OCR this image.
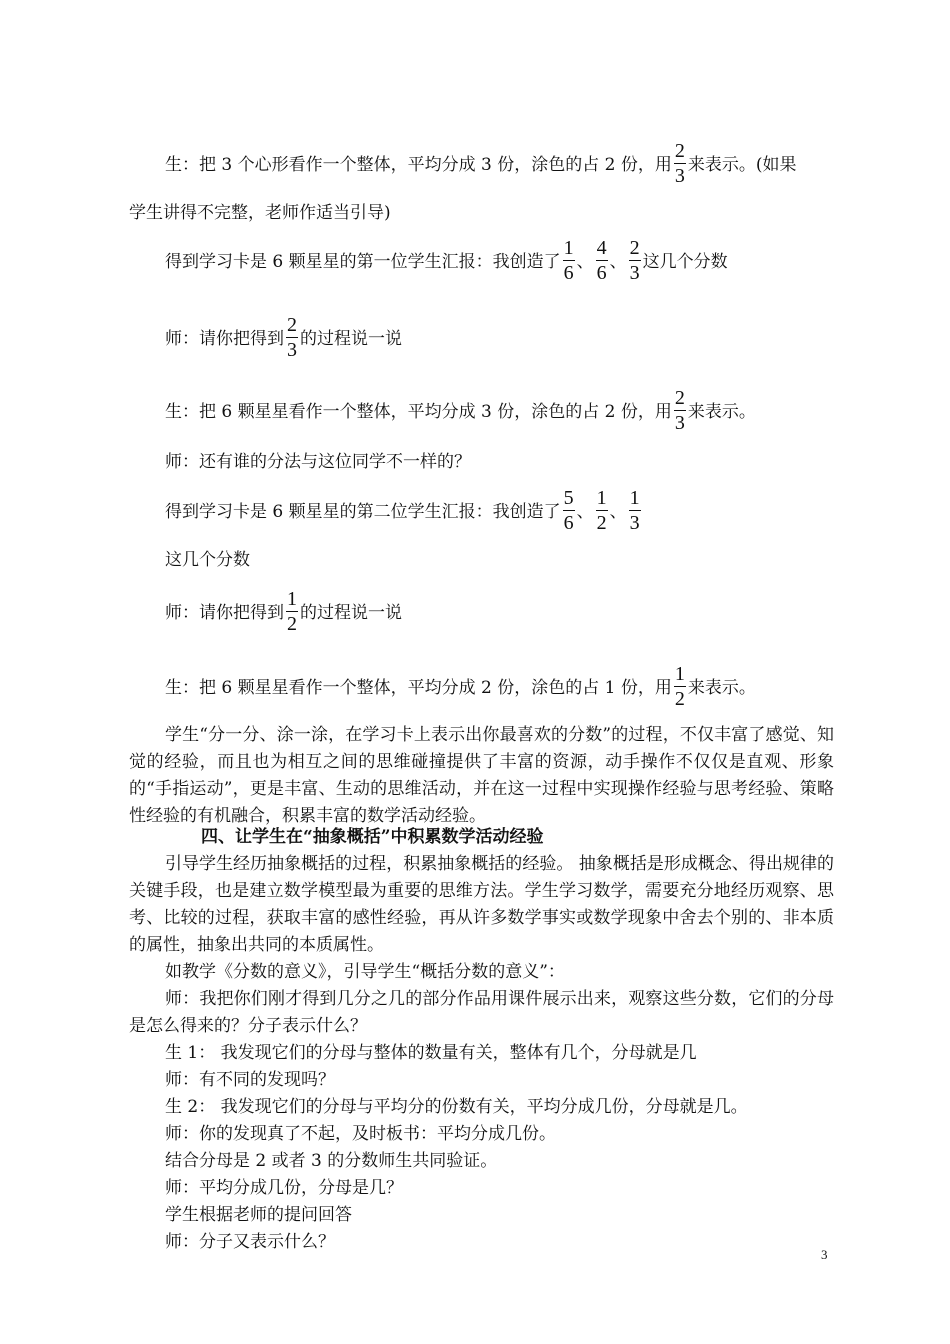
生：把 3 个心形看作一个整体，平均分成 3 份，涂色的占 2 份，用 $\frac{2}{3}$ 来表示。(如果

学生讲得不完整，老师作适当引导)

得到学习卡是 6 颗星星的第一位学生汇报：我创造了 $\frac{1}{6}$ 、 $\frac{4}{6}$ 、 $\frac{2}{3}$ 这几个分数

师：请你把得到 $\frac{2}{3}$ 的过程说一说

生：把 6 颗星星看作一个整体，平均分成 3 份，涂色的占 2 份，用 $\frac{2}{3}$ 来表示。

师：还有谁的分法与这位同学不一样的？

得到学习卡是 6 颗星星的第二位学生汇报：我创造了 $\frac{5}{6}$ 、 $\frac{1}{2}$ 、 $\frac{1}{3}$

这几个分数

师：请你把得到 $\frac{1}{2}$ 的过程说一说

生：把 6 颗星星看作一个整体，平均分成 2 份，涂色的占 1 份，用 $\frac{1}{2}$ 来表示。

学生“分一分、涂一涂，在学习卡上表示出你最喜欢的分数”的过程，不仅丰富了感觉、知觉的经验，而且也为相互之间的思维碰撞提供了丰富的资源，动手操作不仅仅是直观、形象的“手指运动”，更是丰富、生动的思维活动，并在这一过程中实现操作经验与思考经验、策略性经验的有机融合，积累丰富的数学活动经验。

四、让学生在“抽象概括”中积累数学活动经验

引导学生经历抽象概括的过程，积累抽象概括的经验。 抽象概括是形成概念、得出规律的关键手段，也是建立数学模型最为重要的思维方法。学生学习数学，需要充分地经历观察、思考、比较的过程，获取丰富的感性经验，再从许多数学事实或数学现象中舍去个别的、非本质的属性，抽象出共同的本质属性。

如教学《分数的意义》，引导学生“概括分数的意义”：

师：我把你们刚才得到几分之几的部分作品用课件展示出来，观察这些分数，它们的分母是怎么得来的？分子表示什么？

生 1： 我发现它们的分母与整体的数量有关，整体有几个，分母就是几

师：有不同的发现吗？

生 2： 我发现它们的分母与平均分的份数有关，平均分成几份，分母就是几。

师：你的发现真了不起，及时板书：平均分成几份。

结合分母是 2 或者 3 的分数师生共同验证。

师：平均分成几份，分母是几？

学生根据老师的提问回答

师：分子又表示什么？

3
